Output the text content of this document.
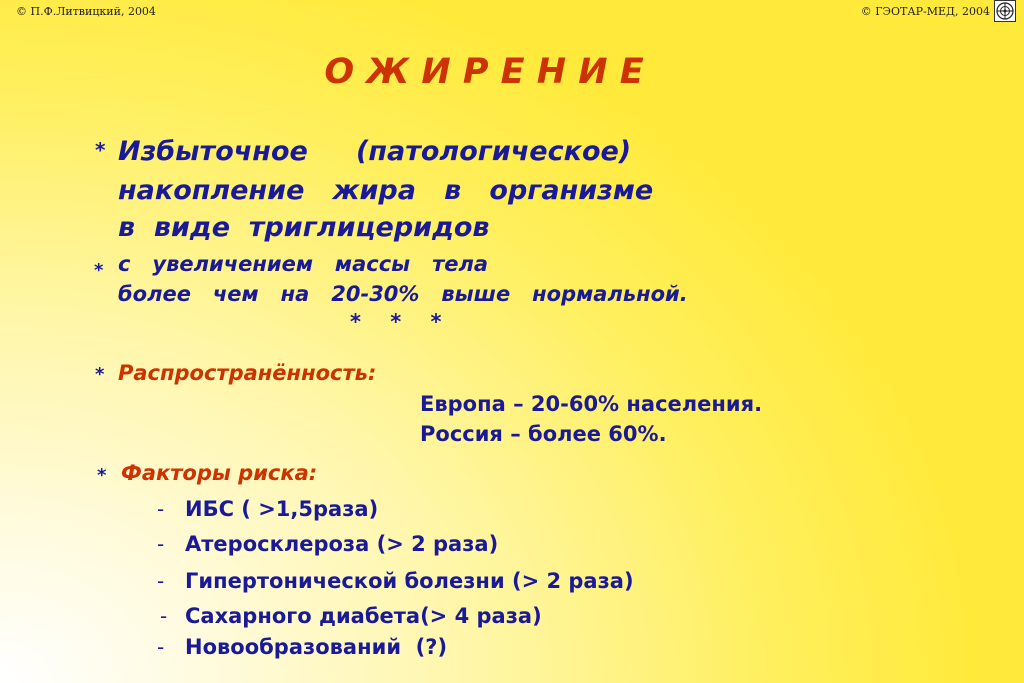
© П.Ф.Литвицкий, 2004	© ГЭОТАР-МЕД, 2004
О Ж И Р Е Н И Е
* Избыточное (патологическое)
накопление   жира   в   организме
в  виде  триглицеридов
* с   увеличением   массы   тела
более   чем   на   20-30%   выше   нормальной.
*    *    *
* Распространённость:
Европа – 20-60% населения.
Россия – более 60%.
* Факторы риска:
- ИБС ( >1,5раза)
- Атеросклероза (> 2 раза)
- Гипертонической болезни (> 2 раза)
- Сахарного диабета(> 4 раза)
- Новообразований  (?)
